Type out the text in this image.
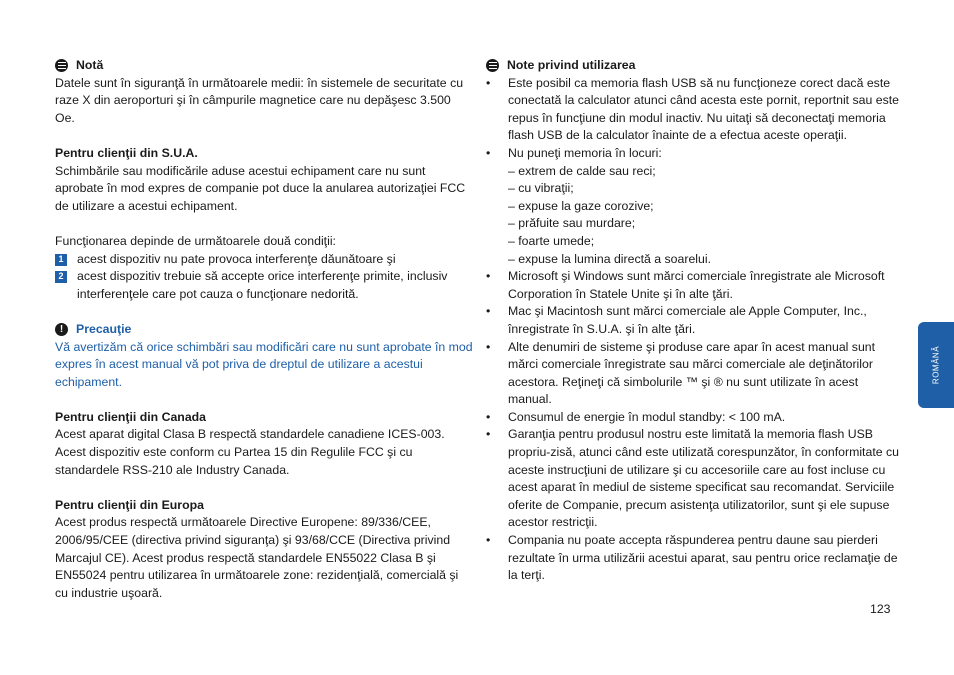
Notă

Datele sunt în siguranţă în următoarele medii: în sistemele de securitate cu raze X din aeroporturi şi în câmpurile magnetice care nu depăşesc 3.500 Oe.

Pentru clienţii din S.U.A.

Schimbările sau modificările aduse acestui echipament care nu sunt aprobate în mod expres de companie pot duce la anularea autorizaţiei FCC de utilizare a acestui echipament.

Funcţionarea depinde de următoarele două condiţii:

1 acest dispozitiv nu pate provoca interferenţe dăunătoare şi
2 acest dispozitiv trebuie să accepte orice interferenţe primite, inclusiv interferenţele care pot cauza o funcţionare nedorită.
!	Precauţie

Vă avertizăm că orice schimbări sau modificări care nu sunt aprobate în mod expres în acest manual vă pot priva de dreptul de utilizare a acestui echipament.

Pentru clienţii din Canada

Acest aparat digital Clasa B respectă standardele canadiene ICES-003. Acest dispozitiv este conform cu Partea 15 din Regulile FCC şi cu standardele RSS-210 ale Industry Canada.

Pentru clienţii din Europa

Acest produs respectă următoarele Directive Europene: 89/336/CEE, 2006/95/CEE (directiva privind siguranţa) şi 93/68/CCE (Directiva privind Marcajul CE). Acest produs respectă standardele EN55022 Clasa B şi EN55024 pentru utilizarea în următoarele zone: rezidenţială, comercială şi cu industrie uşoară.

Note privind utilizarea
•	Este posibil ca memoria flash USB să nu funcţioneze corect dacă este conectată la calculator atunci când acesta este pornit, reportnit sau este repus în funcţiune din modul inactiv. Nu uitaţi să deconectaţi memoria flash USB de la calculator înainte de a efectua aceste operaţii.
•	Nu puneţi memoria în locuri:

– extrem de calde sau reci;

– cu vibraţii;

– expuse la gaze corozive;

– prăfuite sau murdare;

– foarte umede;

– expuse la lumina directă a soarelui.

•	Microsoft şi Windows sunt mărci comerciale înregistrate ale Microsoft Corporation în Statele Unite şi în alte ţări.
•	Mac şi Macintosh sunt mărci comerciale ale Apple Computer, Inc., înregistrate în S.U.A. şi în alte ţări.
•	Alte denumiri de sisteme şi produse care apar în acest manual sunt mărci comerciale înregistrate sau mărci comerciale ale deţinătorilor acestora. Reţineţi că simbolurile ™ şi ® nu sunt utilizate în acest manual.
•	Consumul de energie în modul standby: < 100 mA.
•	Garanţia pentru produsul nostru este limitată la memoria flash USB propriu-zisă, atunci când este utilizată corespunzător, în conformitate cu aceste instrucţiuni de utilizare şi cu accesoriile care au fost incluse cu acest aparat în mediul de sisteme specificat sau recomandat. Serviciile oferite de Companie, precum asistenţa utilizatorilor, sunt şi ele supuse acestor restricţii.
•	Compania nu poate accepta răspunderea pentru daune sau pierderi rezultate în urma utilizării acestui aparat, sau pentru orice reclamaţie de la terţi.
ROMÂNĂ
123
